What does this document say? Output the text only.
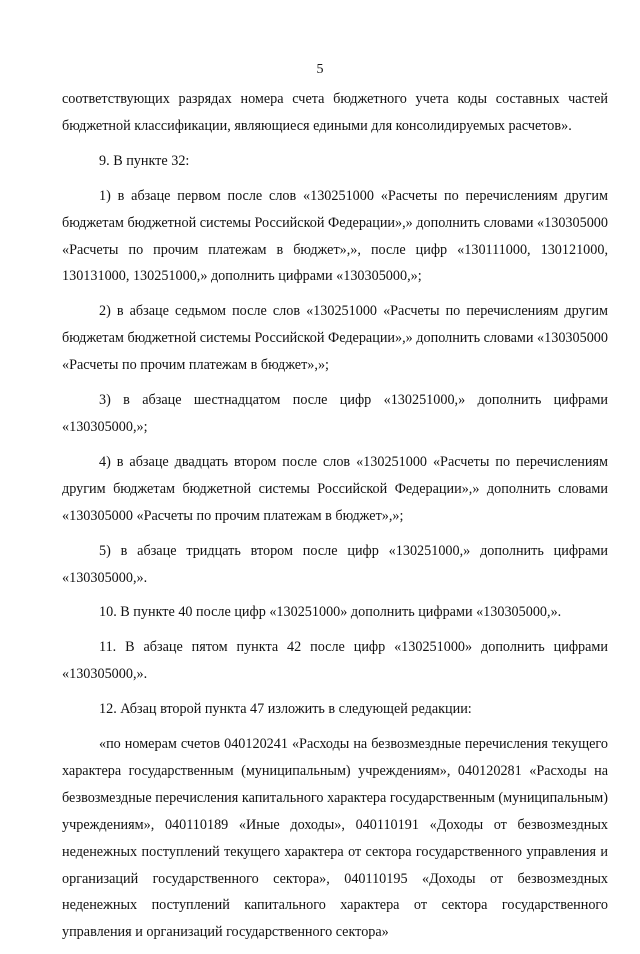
5

соответствующих разрядах номера счета бюджетного учета коды составных частей бюджетной классификации, являющиеся едиными для консолидируемых расчетов».

9. В пункте 32:

1) в абзаце первом после слов «130251000 «Расчеты по перечислениям другим бюджетам бюджетной системы Российской Федерации»,» дополнить словами «130305000 «Расчеты по прочим платежам в бюджет»,», после цифр «130111000, 130121000, 130131000, 130251000,» дополнить цифрами «130305000,»;

2) в абзаце седьмом после слов «130251000 «Расчеты по перечислениям другим бюджетам бюджетной системы Российской Федерации»,» дополнить словами «130305000 «Расчеты по прочим платежам в бюджет»,»;

3) в абзаце шестнадцатом после цифр «130251000,» дополнить цифрами «130305000,»;

4) в абзаце двадцать втором после слов «130251000 «Расчеты по перечислениям другим бюджетам бюджетной системы Российской Федерации»,» дополнить словами «130305000 «Расчеты по прочим платежам в бюджет»,»;

5) в абзаце тридцать втором после цифр «130251000,» дополнить цифрами «130305000,».

10. В пункте 40 после цифр «130251000» дополнить цифрами «130305000,».

11. В абзаце пятом пункта 42 после цифр «130251000» дополнить цифрами «130305000,».

12. Абзац второй пункта 47 изложить в следующей редакции:

«по номерам счетов 040120241 «Расходы на безвозмездные перечисления текущего характера государственным (муниципальным) учреждениям», 040120281 «Расходы на безвозмездные перечисления капитального характера государственным (муниципальным) учреждениям», 040110189 «Иные доходы», 040110191 «Доходы от безвозмездных неденежных поступлений текущего характера от сектора государственного управления и организаций государственного сектора», 040110195 «Доходы от безвозмездных неденежных поступлений капитального характера от сектора государственного управления и организаций государственного сектора»
